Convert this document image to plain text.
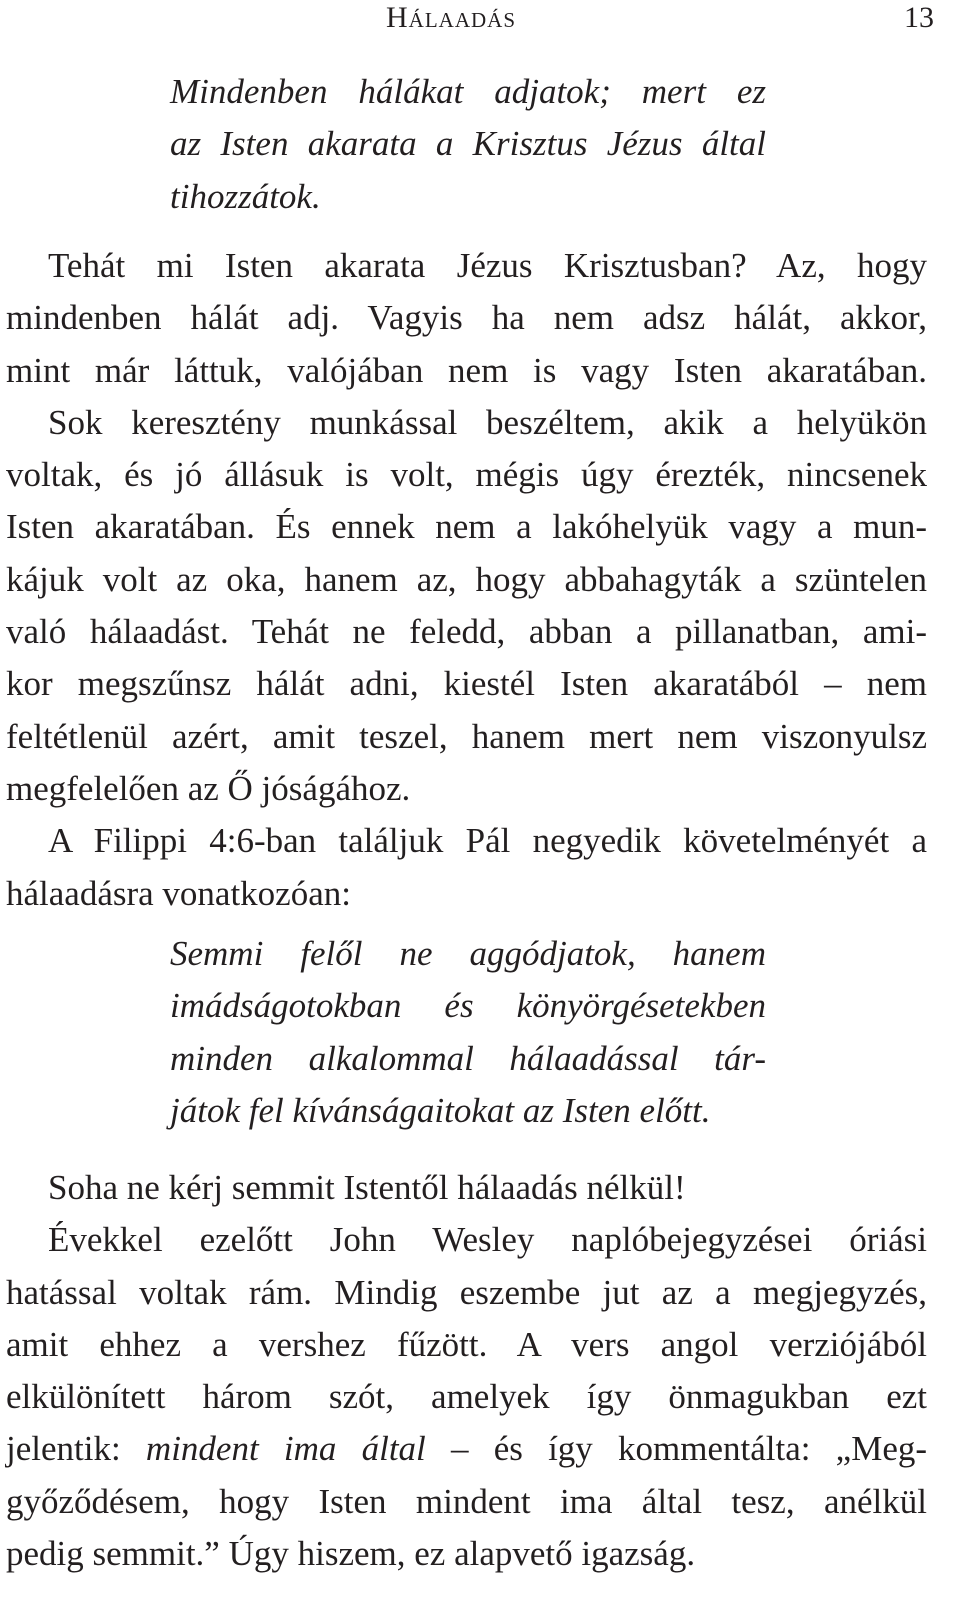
Hálaadás	13
Mindenben hálákat adjatok; mert ez
az Isten akarata a Krisztus Jézus által
tihozzátok.
Tehát mi Isten akarata Jézus Krisztusban? Az, hogy
mindenben hálát adj. Vagyis ha nem adsz hálát, akkor,
mint már láttuk, valójában nem is vagy Isten akaratában.
Sok keresztény munkással beszéltem, akik a helyükön
voltak, és jó állásuk is volt, mégis úgy érezték, nincsenek
Isten akaratában. És ennek nem a lakóhelyük vagy a mun-
kájuk volt az oka, hanem az, hogy abbahagyták a szüntelen
való hálaadást. Tehát ne feledd, abban a pillanatban, ami-
kor megszűnsz hálát adni, kiestél Isten akaratából – nem
feltétlenül azért, amit teszel, hanem mert nem viszonyulsz
megfelelően az Ő jóságához.
A Filippi 4:6-ban találjuk Pál negyedik követelményét a
hálaadásra vonatkozóan:
Semmi felől ne aggódjatok, hanem
imádságotokban és könyörgésetekben
minden alkalommal hálaadással tár-
játok fel kívánságaitokat az Isten előtt.
Soha ne kérj semmit Istentől hálaadás nélkül!
Évekkel ezelőtt John Wesley naplóbejegyzései óriási
hatással voltak rám. Mindig eszembe jut az a megjegyzés,
amit ehhez a vershez fűzött. A vers angol verziójából
elkülönített három szót, amelyek így önmagukban ezt
jelentik: mindent ima által – és így kommentálta: „Meg-
győződésem, hogy Isten mindent ima által tesz, anélkül
pedig semmit.” Úgy hiszem, ez alapvető igazság.
